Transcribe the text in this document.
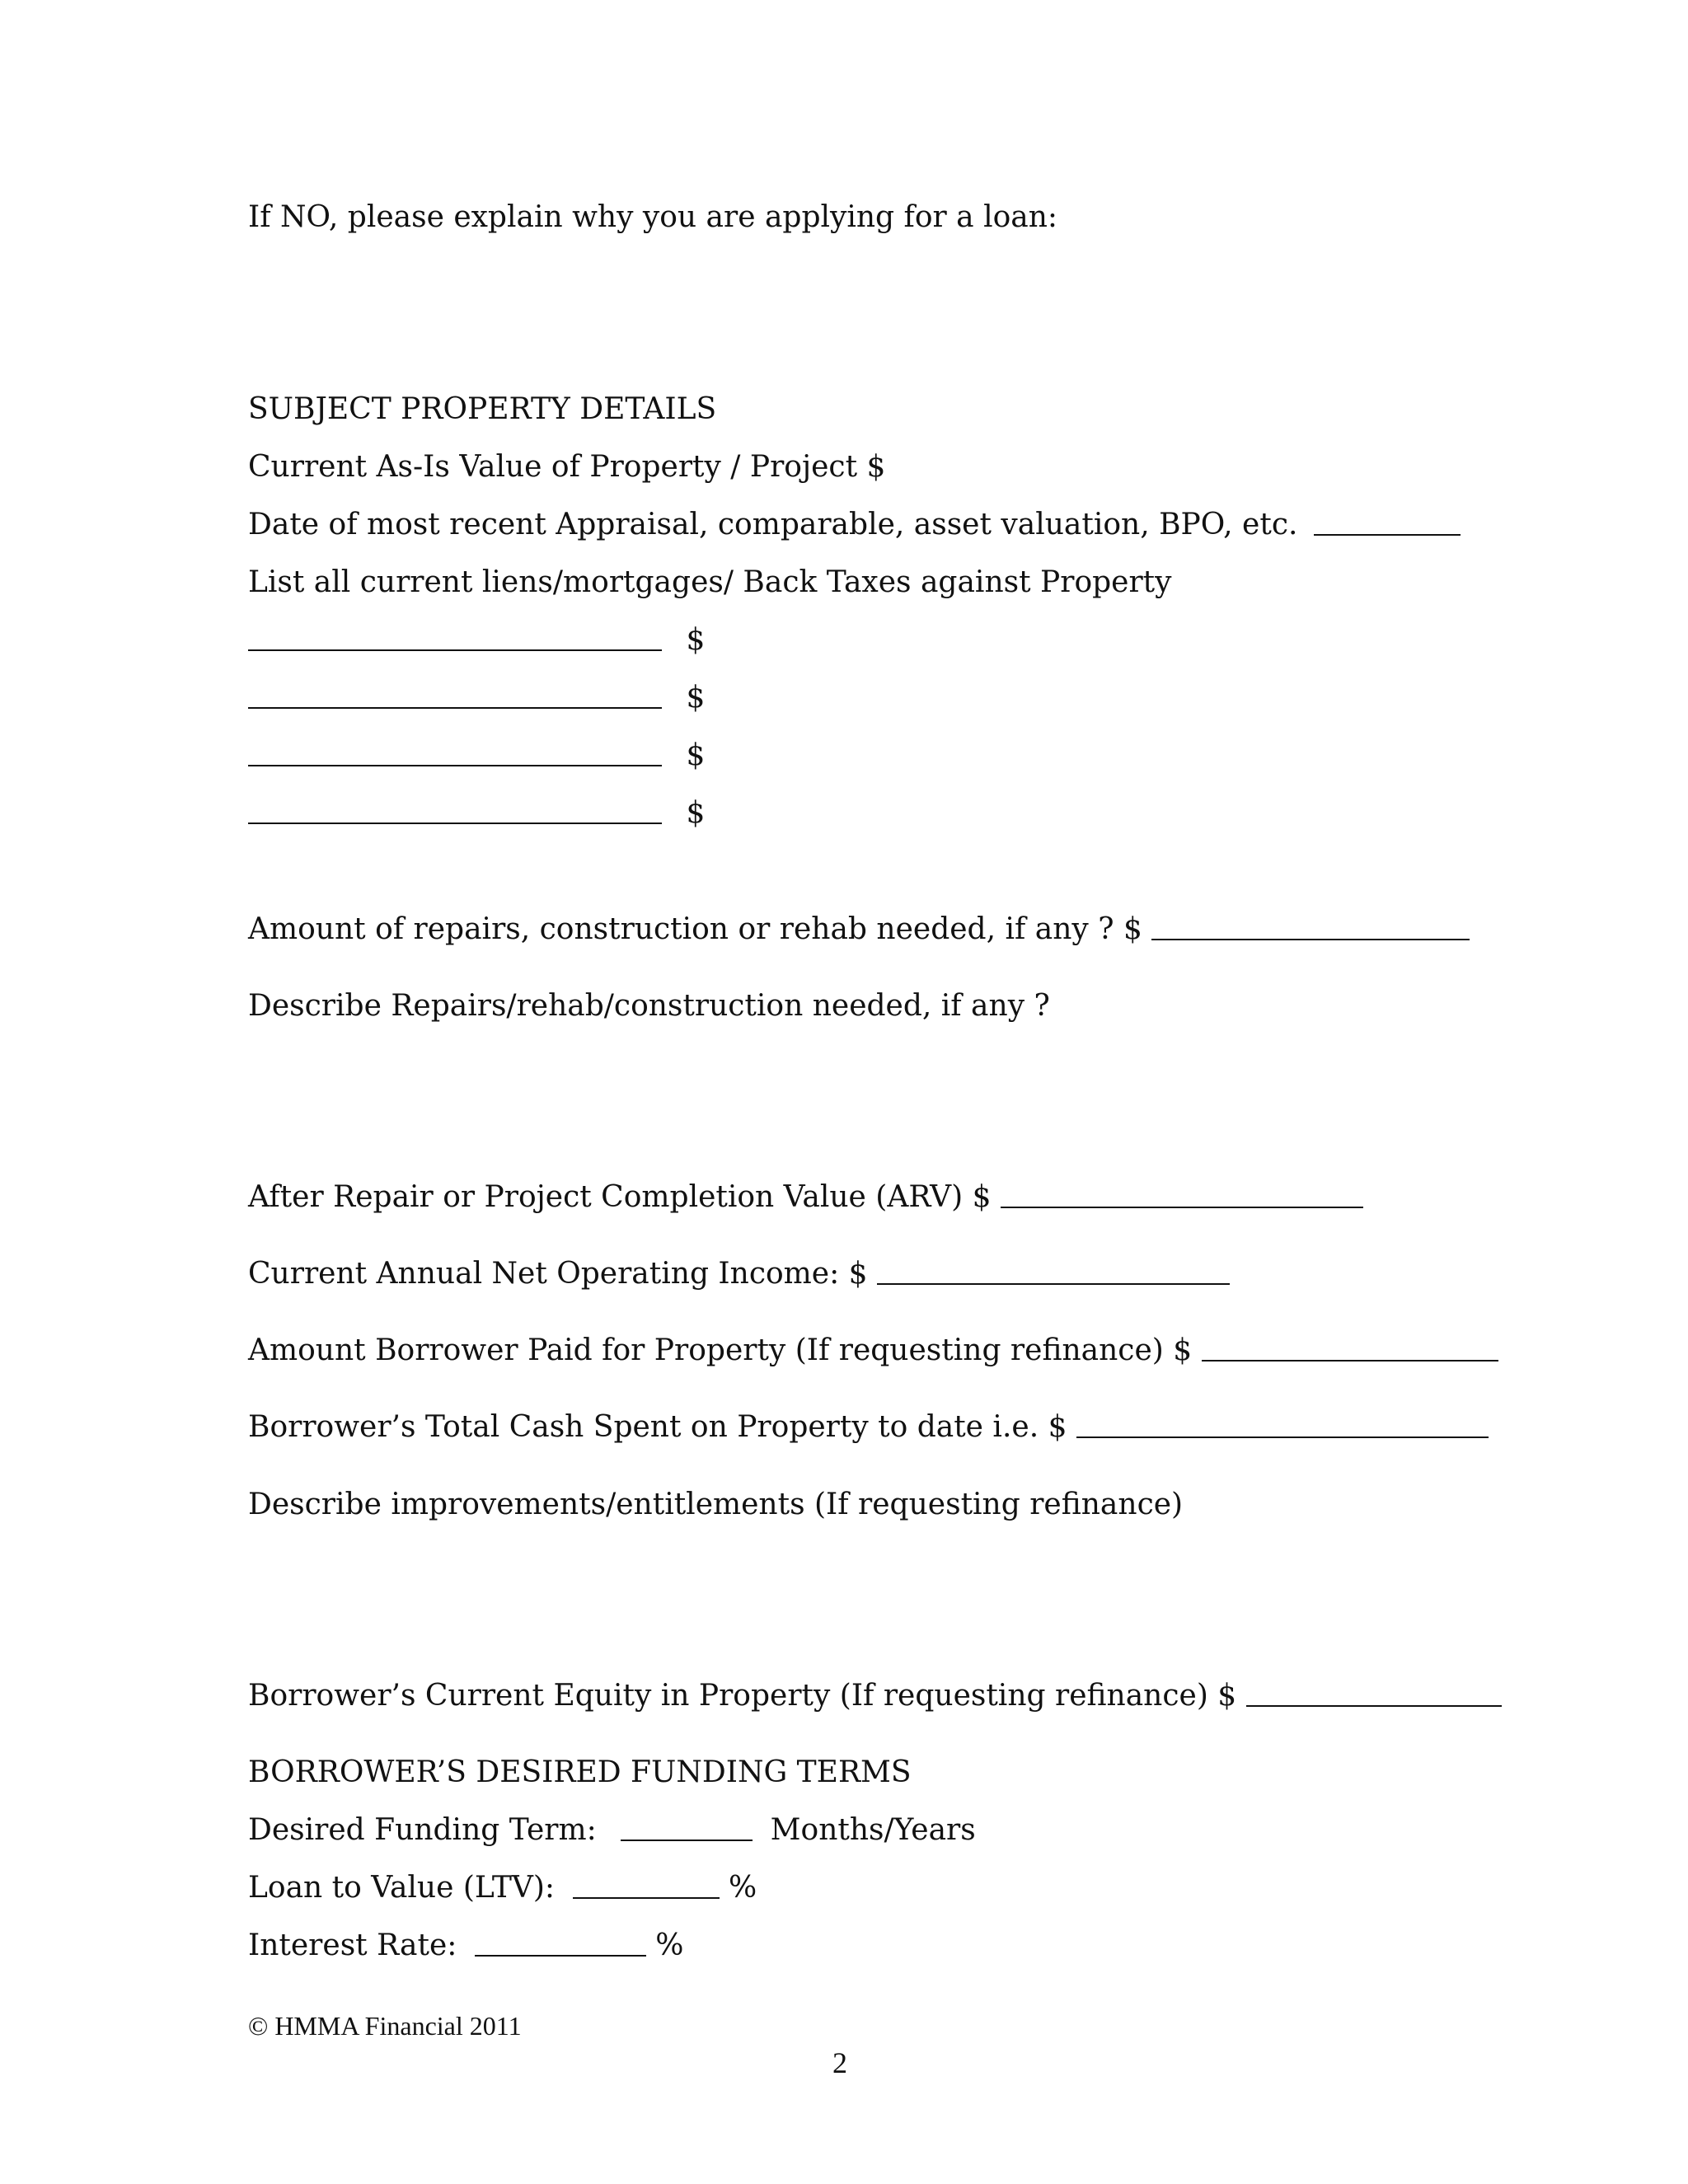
If NO, please explain why you are applying for a loan:
SUBJECT PROPERTY DETAILS
Current As-Is Value of Property / Project $
Date of most recent Appraisal, comparable, asset valuation, BPO, etc.
List all current liens/mortgages/ Back Taxes against Property
$
$
$
$
Amount of repairs, construction or rehab needed, if any ? $
Describe Repairs/rehab/construction needed, if any ?
After Repair or Project Completion Value (ARV) $
Current Annual Net Operating Income: $
Amount Borrower Paid for Property (If requesting refinance) $
Borrower’s Total Cash Spent on Property to date i.e. $
Describe improvements/entitlements (If requesting refinance)
Borrower’s Current Equity in Property (If requesting refinance) $
BORROWER’S DESIRED FUNDING TERMS
Desired Funding Term:	Months/Years
Loan to Value (LTV):	%
Interest Rate:	%
© HMMA Financial 2011
2
